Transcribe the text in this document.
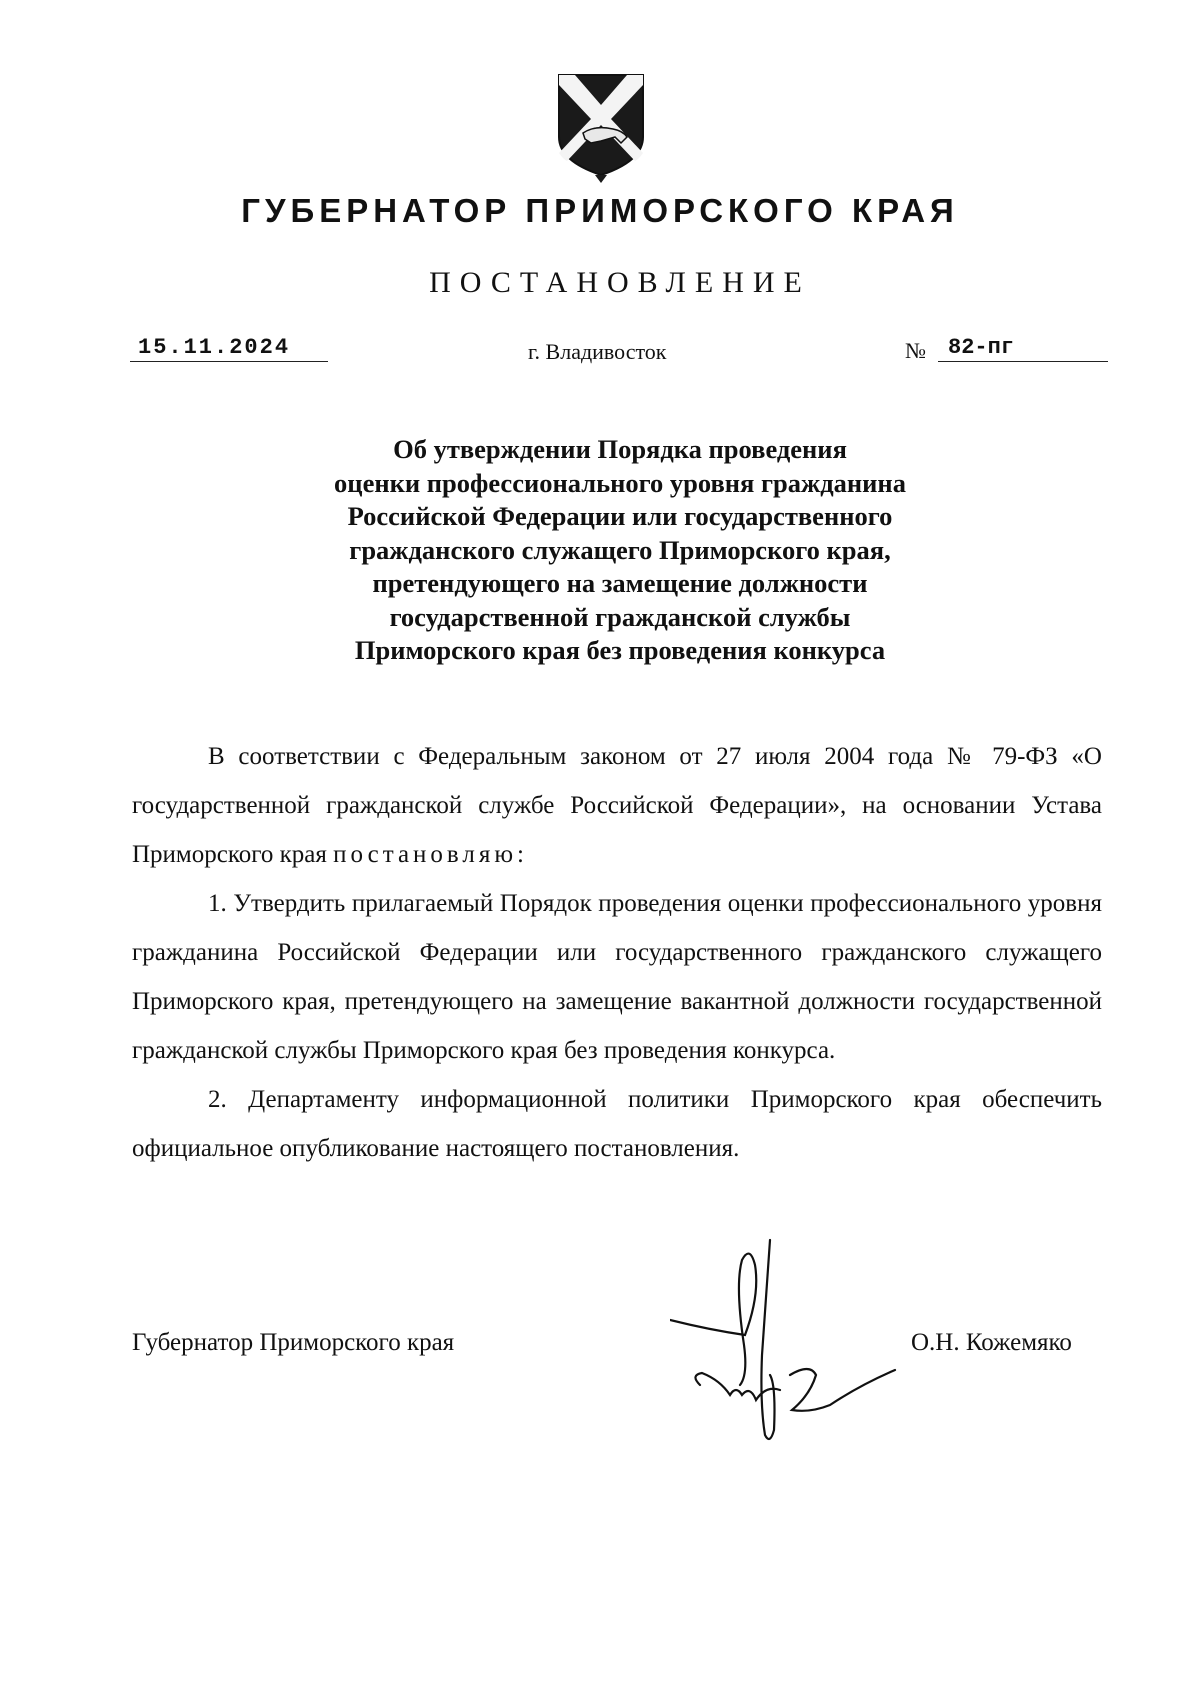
ГУБЕРНАТОР ПРИМОРСКОГО КРАЯ
ПОСТАНОВЛЕНИЕ
15.11.2024	г. Владивосток	№	82-пг
Об утверждении Порядка проведения
оценки профессионального уровня гражданина
Российской Федерации или государственного
гражданского служащего Приморского края,
претендующего на замещение должности
государственной гражданской службы
Приморского края без проведения конкурса

В соответствии с Федеральным законом от 27 июля 2004 года № 79-ФЗ «О государственной гражданской службе Российской Федерации», на основании Устава Приморского края постановляю:

1. Утвердить прилагаемый Порядок проведения оценки профессионального уровня гражданина Российской Федерации или государственного гражданского служащего Приморского края, претендующего на замещение вакантной должности государственной гражданской службы Приморского края без проведения конкурса.

2. Департаменту информационной политики Приморского края обеспечить официальное опубликование настоящего постановления.

Губернатор Приморского края	О.Н. Кожемяко
